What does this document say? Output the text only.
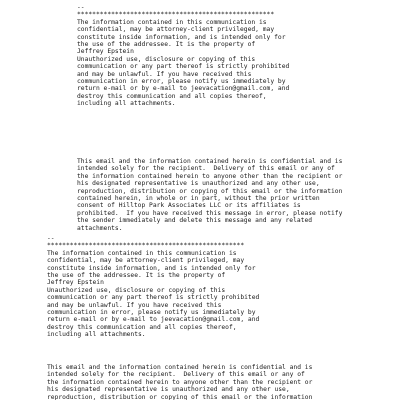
--
****************************************************
The information contained in this communication is
confidential, may be attorney-client privileged, may
constitute inside information, and is intended only for
the use of the addressee. It is the property of
Jeffrey Epstein
Unauthorized use, disclosure or copying of this
communication or any part thereof is strictly prohibited
and may be unlawful. If you have received this
communication in error, please notify us immediately by
return e-mail or by e-mail to jeevacation@gmail.com, and
destroy this communication and all copies thereof,
including all attachments.
This email and the information contained herein is confidential and is
intended solely for the recipient.  Delivery of this email or any of
the information contained herein to anyone other than the recipient or
his designated representative is unauthorized and any other use,
reproduction, distribution or copying of this email or the information
contained herein, in whole or in part, without the prior written
consent of Hilltop Park Associates LLC or its affiliates is
prohibited.  If you have received this message in error, please notify
the sender immediately and delete this message and any related
attachments.
--
****************************************************
The information contained in this communication is
confidential, may be attorney-client privileged, may
constitute inside information, and is intended only for
the use of the addressee. It is the property of
Jeffrey Epstein
Unauthorized use, disclosure or copying of this
communication or any part thereof is strictly prohibited
and may be unlawful. If you have received this
communication in error, please notify us immediately by
return e-mail or by e-mail to jeevacation@gmail.com, and
destroy this communication and all copies thereof,
including all attachments.
This email and the information contained herein is confidential and is
intended solely for the recipient.  Delivery of this email or any of
the information contained herein to anyone other than the recipient or
his designated representative is unauthorized and any other use,
reproduction, distribution or copying of this email or the information
